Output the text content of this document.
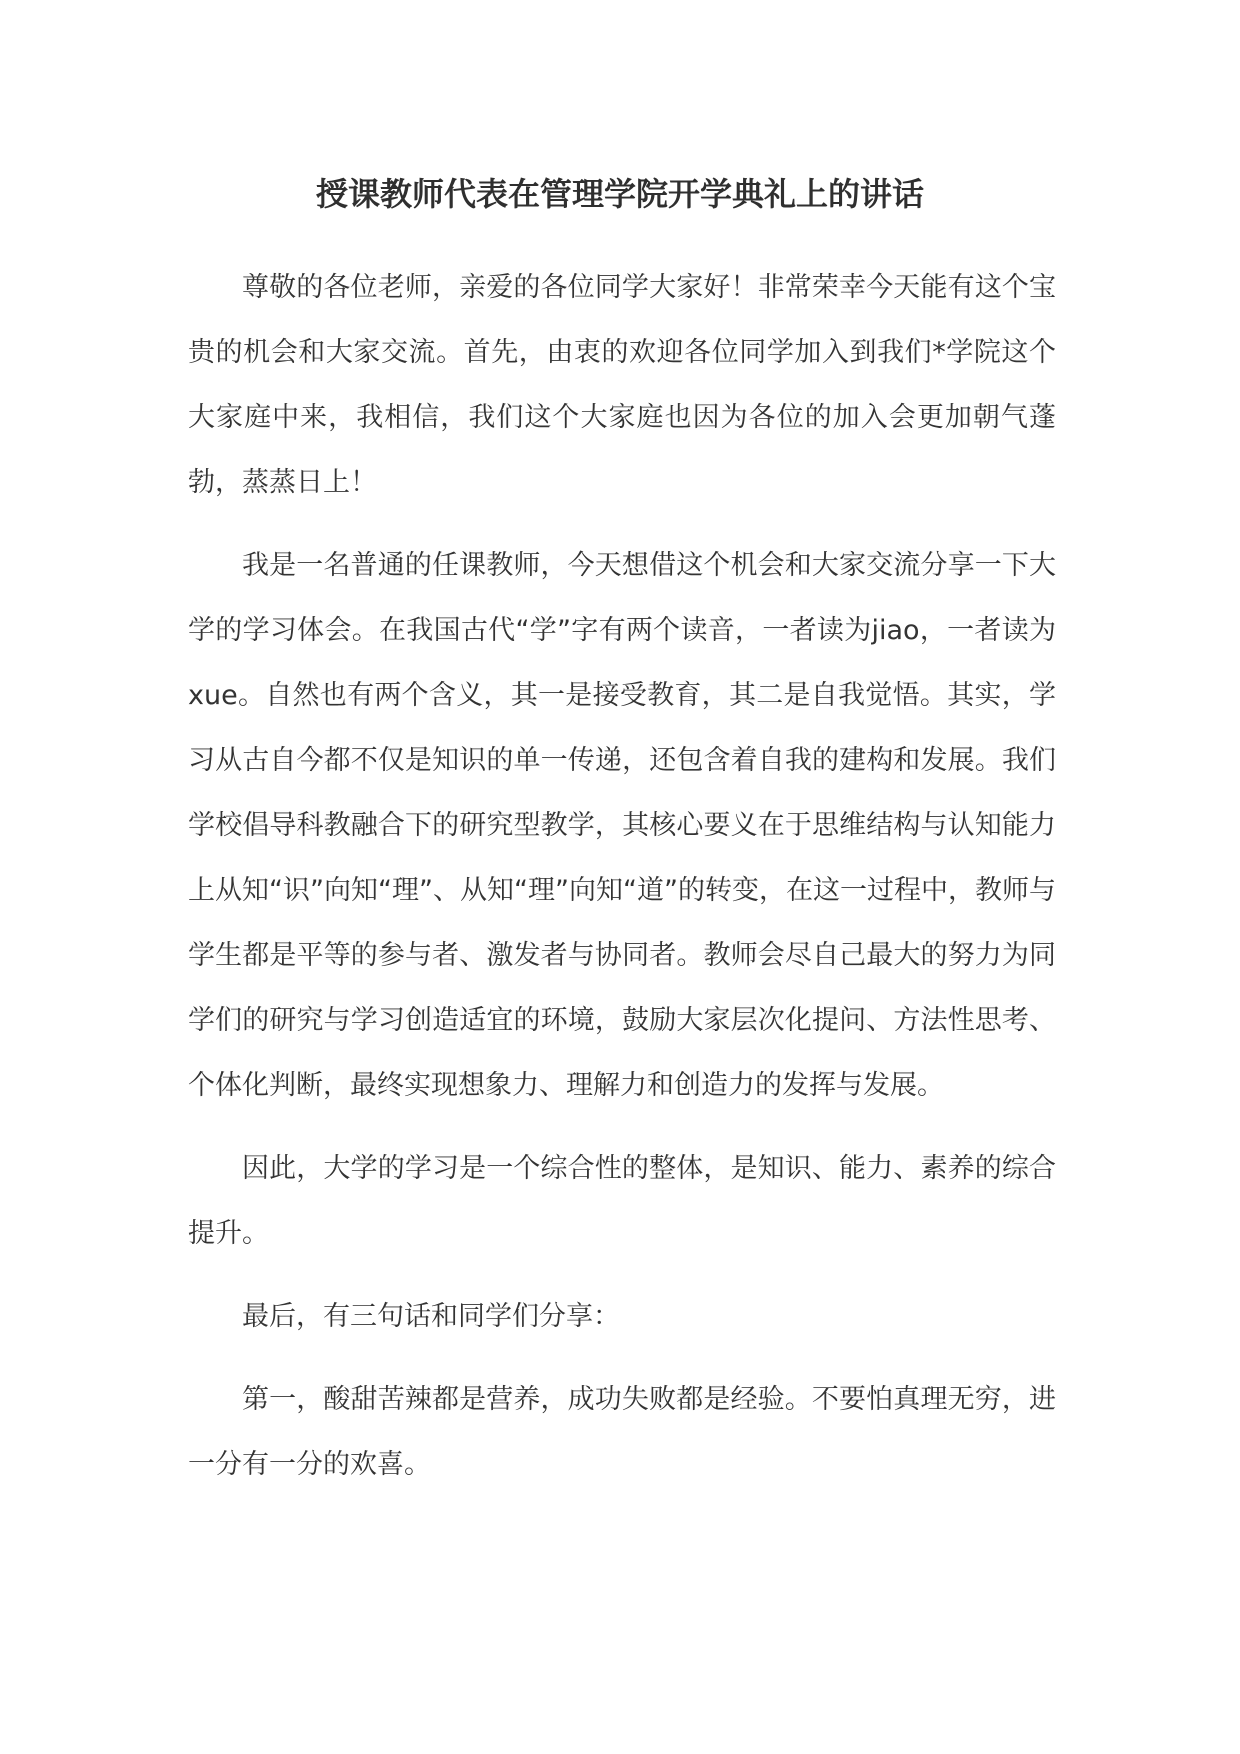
授课教师代表在管理学院开学典礼上的讲话

尊敬的各位老师，亲爱的各位同学大家好！非常荣幸今天能有这个宝贵的机会和大家交流。首先，由衷的欢迎各位同学加入到我们*学院这个大家庭中来，我相信，我们这个大家庭也因为各位的加入会更加朝气蓬勃，蒸蒸日上！

我是一名普通的任课教师，今天想借这个机会和大家交流分享一下大学的学习体会。在我国古代“学”字有两个读音，一者读为jiao，一者读为xue。自然也有两个含义，其一是接受教育，其二是自我觉悟。其实，学习从古自今都不仅是知识的单一传递，还包含着自我的建构和发展。我们学校倡导科教融合下的研究型教学，其核心要义在于思维结构与认知能力上从知“识”向知“理”、从知“理”向知“道”的转变，在这一过程中，教师与学生都是平等的参与者、激发者与协同者。教师会尽自己最大的努力为同学们的研究与学习创造适宜的环境，鼓励大家层次化提问、方法性思考、个体化判断，最终实现想象力、理解力和创造力的发挥与发展。

因此，大学的学习是一个综合性的整体，是知识、能力、素养的综合提升。

最后，有三句话和同学们分享：

第一，酸甜苦辣都是营养，成功失败都是经验。不要怕真理无穷，进一分有一分的欢喜。
